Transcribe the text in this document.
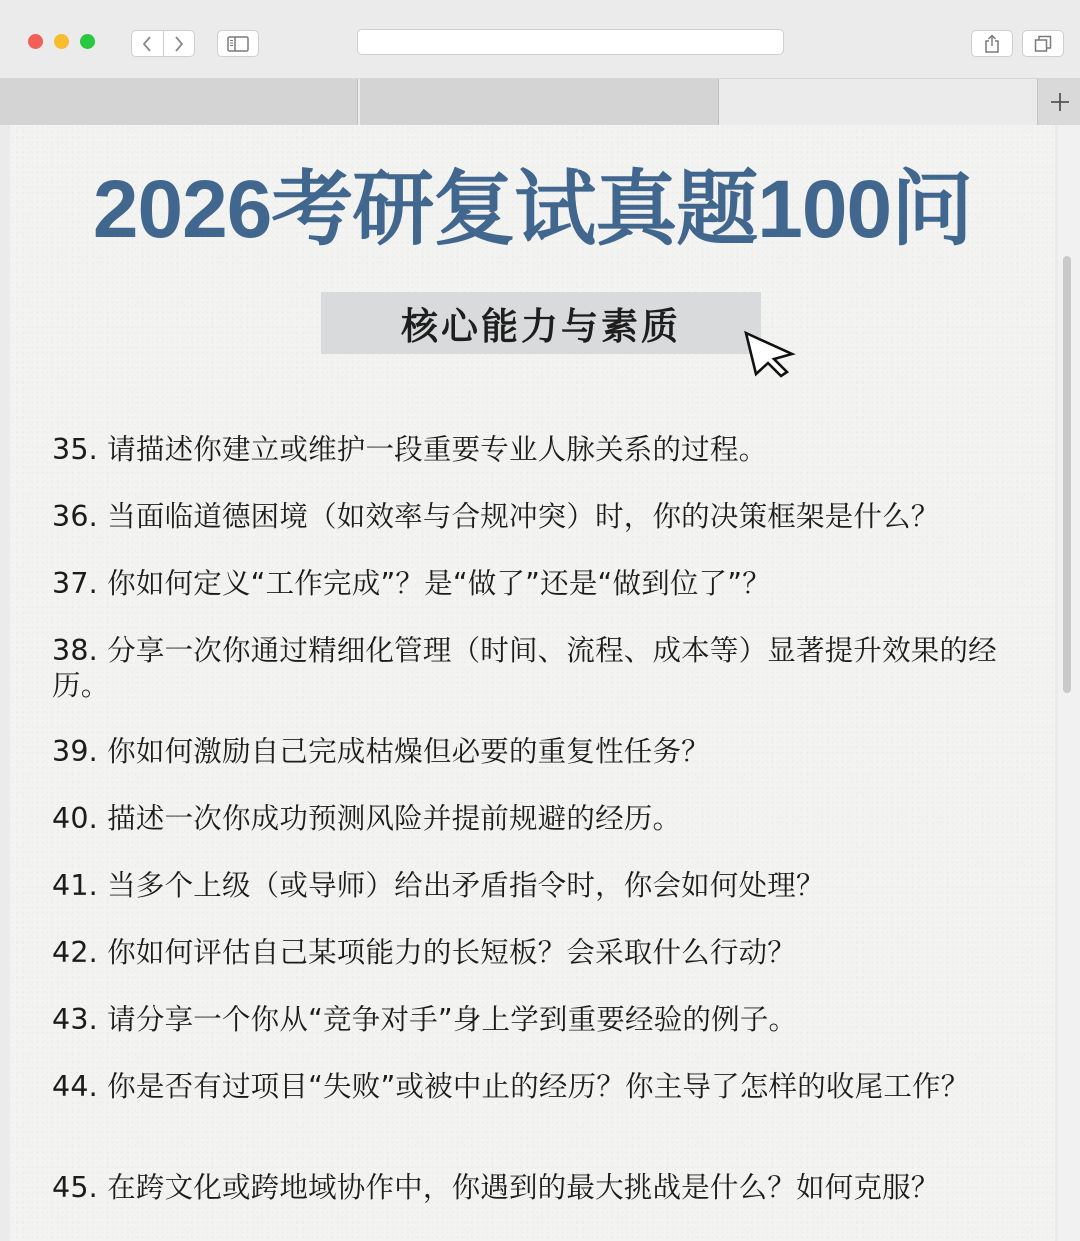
2026考研复试真题100问
核心能力与素质
35. 请描述你建立或维护一段重要专业人脉关系的过程。
36. 当面临道德困境（如效率与合规冲突）时，你的决策框架是什么？
37. 你如何定义“工作完成”？是“做了”还是“做到位了”？
38. 分享一次你通过精细化管理（时间、流程、成本等）显著提升效果的经历。
39. 你如何激励自己完成枯燥但必要的重复性任务？
40. 描述一次你成功预测风险并提前规避的经历。
41. 当多个上级（或导师）给出矛盾指令时，你会如何处理？
42. 你如何评估自己某项能力的长短板？会采取什么行动？
43. 请分享一个你从“竞争对手”身上学到重要经验的例子。
44. 你是否有过项目“失败”或被中止的经历？你主导了怎样的收尾工作？
45. 在跨文化或跨地域协作中，你遇到的最大挑战是什么？如何克服？
